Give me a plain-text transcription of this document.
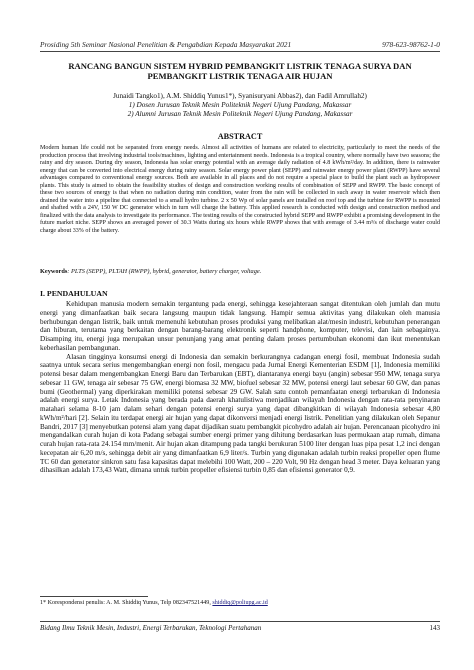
Prosiding 5th Seminar Nasional Penelitian & Pengabdian Kepada Masyarakat 2021	978-623-98762-1-0
RANCANG BANGUN SISTEM HYBRID PEMBANGKIT LISTRIK TENAGA SURYA DAN
PEMBANGKIT LISTRIK TENAGA AIR HUJAN
Junaidi Tangko1), A.M. Shiddiq Yunus1*), Syanisuryani Abbas2), dan Fadil Amrullah2)
1) Dosen Jurusan Teknik Mesin Politeknik Negeri Ujung Pandang, Makassar
2) Alumni Jurusan Teknik Mesin Politeknik Negeri Ujung Pandang, Makassar
ABSTRACT
Modern human life could not be separated from energy needs. Almost all activities of humans are related to electricity, particularly to meet the needs of the production process that involving industrial tools/machines, lighting and entertainment needs. Indonesia is a tropical country, where normally have two seasons; the rainy and dry season. During dry season, Indonesia has solar energy potential with an average daily radiation of 4.8 kWh/m²/day. In addition, there is rainwater energy that can be converted into electrical energy during rainy season. Solar energy power plant (SEPP) and rainwater energy power plant (RWPP) have several advantages compared to conventional energy sources. Both are available in all places and do not require a special place to build the plant such as hydropower plants. This study is aimed to obtain the feasibility studies of design and construction working results of combination of SEPP and RWPP. The basic concept of these two sources of energy is that when no radiation during min condition, water from the rain will be collected in such away in water reservoir which then drained the water into a pipeline that connected to a small hydro turbine. 2 x 50 Wp of solar panels are installed on roof top and the turbine for RWPP is mounted and shafted with a 24V, 150 W DC generator which in turn will charge the battery. This applied research is conducted with design and construction method and finalized with the data analysis to investigate its performance. The testing results of the constructed hybrid SEPP and RWPP exhibit a promising development in the future market niche. SEPP shows an averaged power of 30.3 Watts during six hours while RWPP shows that with average of 3.44 m³/s of discharge water could charge about 33% of the battery.
Keywords: PLTS (SEPP), PLTAH (RWPP), hybrid, generator, battery charger, voltage.
I. PENDAHULUAN

Kehidupan manusia modern semakin tergantung pada energi, sehingga kesejahteraan sangat ditentukan oleh jumlah dan mutu energi yang dimanfaatkan baik secara langsung maupun tidak langsung. Hampir semua aktivitas yang dilakukan oleh manusia berhubungan dengan listrik, baik untuk memenuhi kebutuhan proses produksi yang melibatkan alat/mesin industri, kebutuhan penerangan dan hiburan, terutama yang berkaitan dengan barang-barang elektronik seperti handphone, komputer, televisi, dan lain sebagainya. Disamping itu, energi juga merupakan unsur penunjang yang amat penting dalam proses pertumbuhan ekonomi dan ikut menentukan keberhasilan pembangunan.

Alasan tingginya konsumsi energi di Indonesia dan semakin berkurangnya cadangan energi fosil, membuat Indonesia sudah saatnya untuk secara serius mengembangkan energi non fosil, mengacu pada Jurnal Energi Kementerian ESDM [1], Indonesia memiliki potensi besar dalam mengembangkan Energi Baru dan Terbarukan (EBT), diantaranya energi bayu (angin) sebesar 950 MW, tenaga surya sebesar 11 GW, tenaga air sebesar 75 GW, energi biomasa 32 MW, biofuel sebesar 32 MW, potensi energi laut sebesar 60 GW, dan panas bumi (Geothermal) yang diperkirakan memiliki potensi sebesar 29 GW. Salah satu contoh pemanfaatan energi terbarukan di Indonesia adalah energi surya. Letak Indonesia yang berada pada daerah khatulistiwa menjadikan wilayah Indonesia dengan rata-rata penyinaran matahari selama 8-10 jam dalam sehari dengan potensi energi surya yang dapat dibangkitkan di wilayah Indonesia sebesar 4,80 kWh/m²/hari [2]. Selain itu terdapat energi air hujan yang dapat dikonversi menjadi energi listrik. Penelitian yang dilakukan oleh Sepanur Bandri, 2017 [3] menyebutkan potensi alam yang dapat dijadikan suatu pembangkit picohydro adalah air hujan. Perencanaan picohydro ini mengandalkan curah hujan di kota Padang sebagai sumber energi primer yang dihitung berdasarkan luas permukaan atap rumah, dimana curah hujan rata-rata 24.154 mm/menit. Air hujan akan ditampung pada tangki berukuran 5100 liter dengan luas pipa pesat 1,2 inci dengan kecepatan air 6,20 m/s, sehingga debit air yang dimanfaatkan 6,9 liter/s. Turbin yang digunakan adalah turbin reaksi propeller open flume TC 60 dan generator sinkron satu fasa kapasitas dapat melebihi 100 Watt, 200 – 220 Volt, 90 Hz dengan head 3 meter. Daya keluaran yang dihasilkan adalah 173,43 Watt, dimana untuk turbin propeller efisiensi turbin 0,85 dan efisiensi generator 0,9.

1* Korespondensi penulis: A. M. Shiddiq Yunus, Telp 082347521449, shiddiq@poliupg.ac.id
Bidang Ilmu Teknik Mesin, Industri, Energi Terbarukan, Teknologi Pertahanan	143
